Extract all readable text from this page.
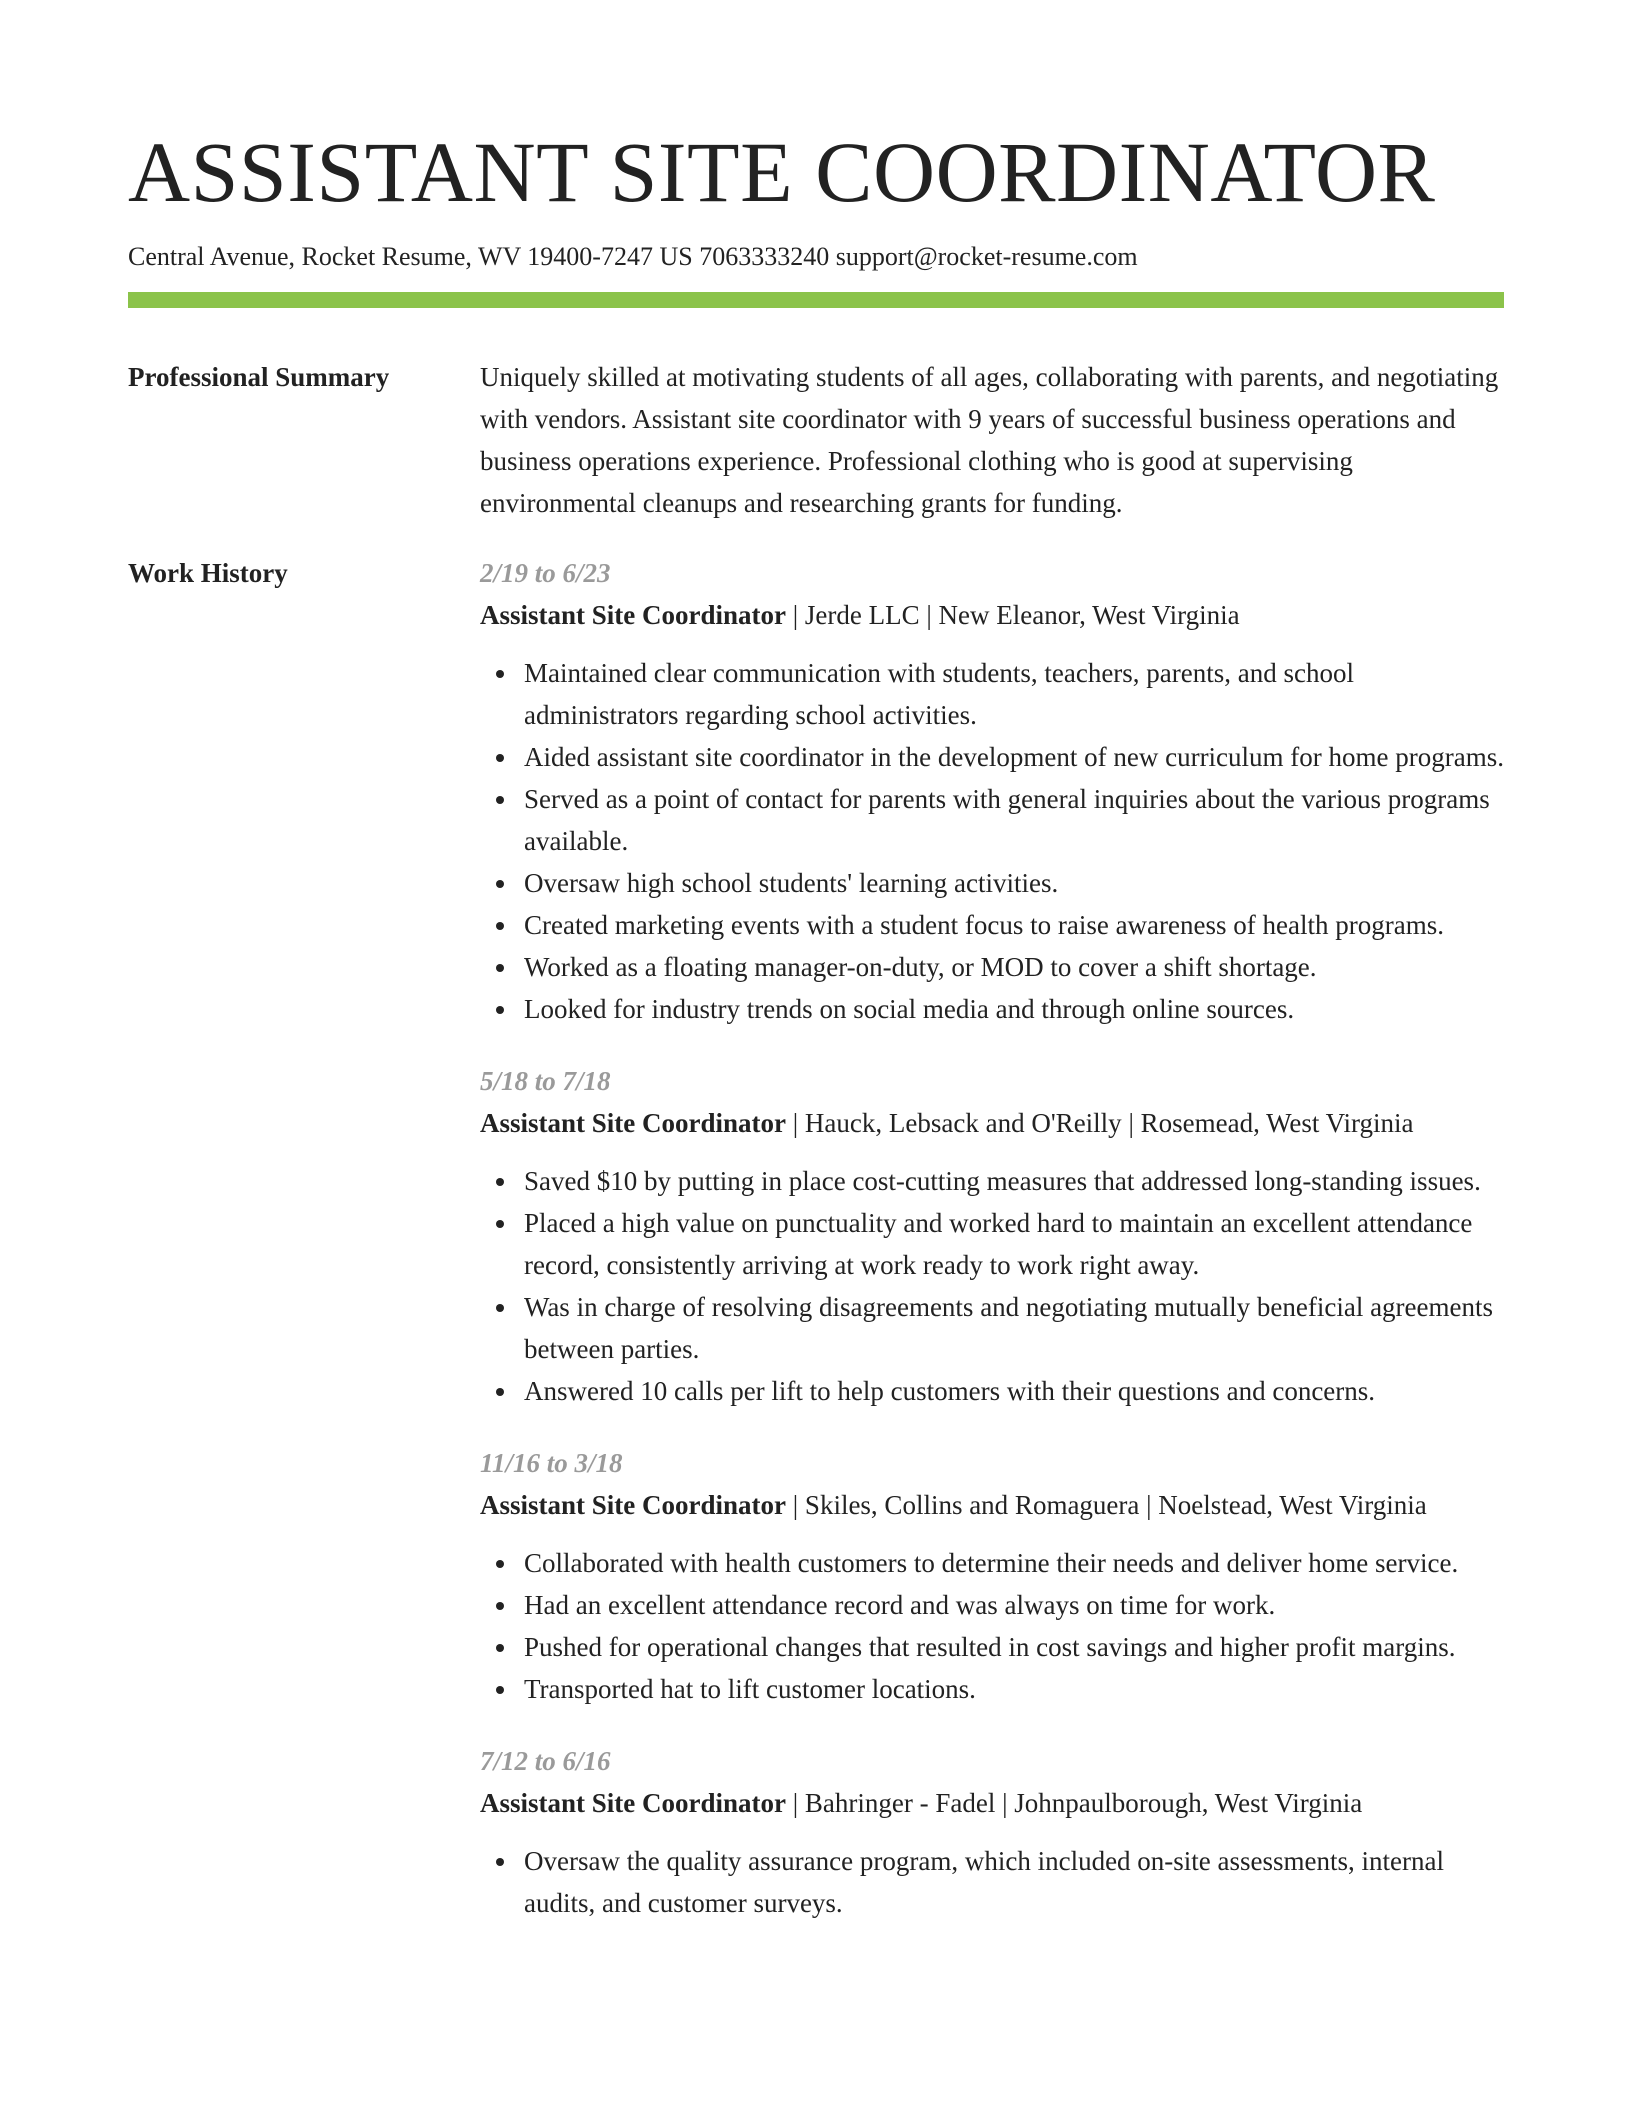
ASSISTANT SITE COORDINATOR
Central Avenue, Rocket Resume, WV 19400-7247 US 7063333240 support@rocket-resume.com
Professional Summary	Uniquely skilled at motivating students of all ages, collaborating with parents, and negotiating with vendors. Assistant site coordinator with 9 years of successful business operations and business operations experience. Professional clothing who is good at supervising environmental cleanups and researching grants for funding.

Work History	2/19 to 6/23
Assistant Site Coordinator | Jerde LLC | New Eleanor, West Virginia
Maintained clear communication with students, teachers, parents, and school administrators regarding school activities.
Aided assistant site coordinator in the development of new curriculum for home programs.
Served as a point of contact for parents with general inquiries about the various programs available.
Oversaw high school students' learning activities.
Created marketing events with a student focus to raise awareness of health programs.
Worked as a floating manager-on-duty, or MOD to cover a shift shortage.
Looked for industry trends on social media and through online sources.
5/18 to 7/18
Assistant Site Coordinator | Hauck, Lebsack and O'Reilly | Rosemead, West Virginia
Saved $10 by putting in place cost-cutting measures that addressed long-standing issues.
Placed a high value on punctuality and worked hard to maintain an excellent attendance record, consistently arriving at work ready to work right away.
Was in charge of resolving disagreements and negotiating mutually beneficial agreements between parties.
Answered 10 calls per lift to help customers with their questions and concerns.
11/16 to 3/18
Assistant Site Coordinator | Skiles, Collins and Romaguera | Noelstead, West Virginia
Collaborated with health customers to determine their needs and deliver home service.
Had an excellent attendance record and was always on time for work.
Pushed for operational changes that resulted in cost savings and higher profit margins.
Transported hat to lift customer locations.
7/12 to 6/16
Assistant Site Coordinator | Bahringer - Fadel | Johnpaulborough, West Virginia
Oversaw the quality assurance program, which included on-site assessments, internal audits, and customer surveys.
